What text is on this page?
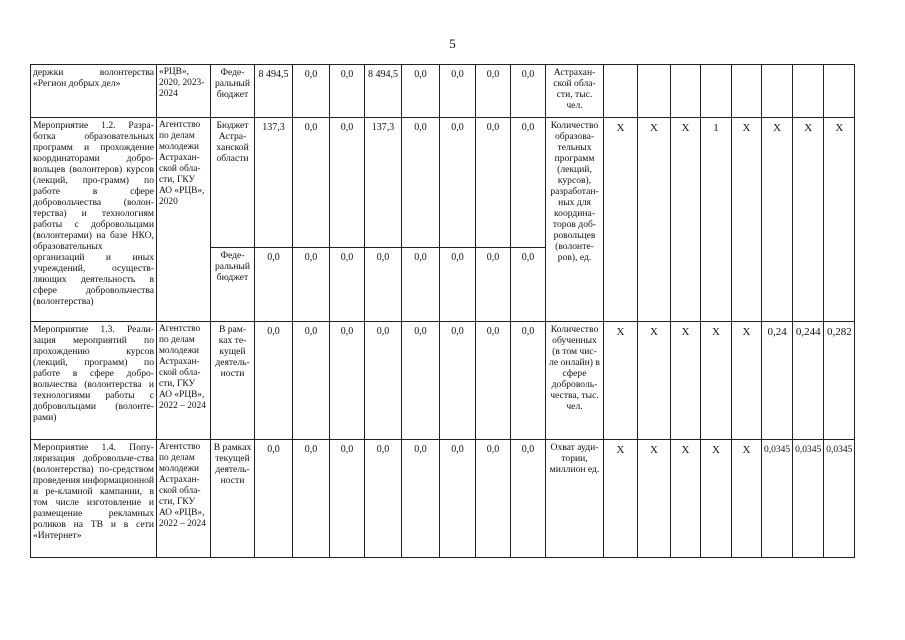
5
держки волонтерства «Регион добрых дел»	«РЦВ», 2020, 2023-2024	Феде-ральный бюджет	8 494,5	0,0	0,0	8 494,5	0,0	0,0	0,0	0,0	Астрахан-ской обла-сти, тыс. чел.								
Мероприятие 1.2. Разра-ботка образовательных программ и прохождение координаторами добро-вольцев (волонтеров) курсов (лекций, про-грамм) по работе в сфере добровольчества (волон-терства) и технологиям работы с добровольцами (волонтерами) на базе НКО, образовательных организаций и иных учреждений, осуществ-ляющих деятельность в сфере добровольчества (волонтерства)	Агентство по делам молодежи Астрахан-ской обла-сти, ГКУ АО «РЦВ», 2020	Бюджет Астра-ханской области	137,3	0,0	0,0	137,3	0,0	0,0	0,0	0,0	Количество образова-тельных программ (лекций, курсов), разработан-ных для координа-торов доб-ровольцев (волонте-ров), ед.	Х	Х	Х	1	Х	Х	Х	Х
		Феде-ральный бюджет	0,0	0,0	0,0	0,0	0,0	0,0	0,0	0,0									
Мероприятие 1.3. Реали-зация мероприятий по прохождению курсов (лекций, программ) по работе в сфере добро-вольчества (волонтерства и технологиями работы с добровольцами (волонте-рами)	Агентство по делам молодежи Астрахан-ской обла-сти, ГКУ АО «РЦВ», 2022 – 2024	В рам-ках те-кущей деятель-ности	0,0	0,0	0,0	0,0	0,0	0,0	0,0	0,0	Количество обученных (в том чис-ле онлайн) в сфере доброволь-чества, тыс. чел.	Х	Х	Х	Х	Х	0,24	0,244	0,282
Мероприятие 1.4. Попу-ляризация добровольче-ства (волонтерства) по-средством проведения информационной и ре-кламной кампании, в том числе изготовление и размещение рекламных роликов на ТВ и в сети «Интернет»	Агентство по делам молодежи Астрахан-ской обла-сти, ГКУ АО «РЦВ», 2022 – 2024	В рамках текущей деятель-ности	0,0	0,0	0,0	0,0	0,0	0,0	0,0	0,0	Охват ауди-тории, миллион ед.	Х	Х	Х	Х	Х	0,0345	0,0345	0,0345
